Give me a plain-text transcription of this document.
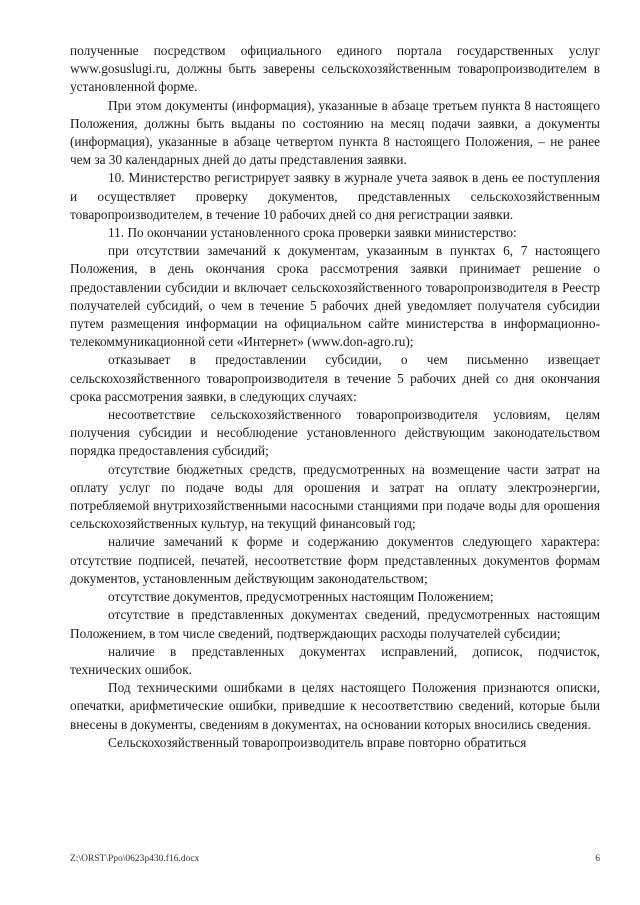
полученные посредством официального единого портала государственных услуг www.gosuslugi.ru, должны быть заверены сельскохозяйственным товаропроизводителем в установленной форме.

При этом документы (информация), указанные в абзаце третьем пункта 8 настоящего Положения, должны быть выданы по состоянию на месяц подачи заявки, а документы (информация), указанные в абзаце четвертом пункта 8 настоящего Положения, – не ранее чем за 30 календарных дней до даты представления заявки.

10. Министерство регистрирует заявку в журнале учета заявок в день ее поступления и осуществляет проверку документов, представленных сельскохозяйственным товаропроизводителем, в течение 10 рабочих дней со дня регистрации заявки.

11. По окончании установленного срока проверки заявки министерство:

при отсутствии замечаний к документам, указанным в пунктах 6, 7 настоящего Положения, в день окончания срока рассмотрения заявки принимает решение о предоставлении субсидии и включает сельскохозяйственного товаропроизводителя в Реестр получателей субсидий, о чем в течение 5 рабочих дней уведомляет получателя субсидии путем размещения информации на официальном сайте министерства в информационно-телекоммуникационной сети «Интернет» (www.don-agro.ru);

отказывает в предоставлении субсидии, о чем письменно извещает сельскохозяйственного товаропроизводителя в течение 5 рабочих дней со дня окончания срока рассмотрения заявки, в следующих случаях:

несоответствие сельскохозяйственного товаропроизводителя условиям, целям получения субсидии и несоблюдение установленного действующим законодательством порядка предоставления субсидий;

отсутствие бюджетных средств, предусмотренных на возмещение части затрат на оплату услуг по подаче воды для орошения и затрат на оплату электроэнергии, потребляемой внутрихозяйственными насосными станциями при подаче воды для орошения сельскохозяйственных культур, на текущий финансовый год;

наличие замечаний к форме и содержанию документов следующего характера: отсутствие подписей, печатей, несоответствие форм представленных документов формам документов, установленным действующим законодательством;

отсутствие документов, предусмотренных настоящим Положением;

отсутствие в представленных документах сведений, предусмотренных настоящим Положением, в том числе сведений, подтверждающих расходы получателей субсидии;

наличие в представленных документах исправлений, дописок, подчисток, технических ошибок.

Под техническими ошибками в целях настоящего Положения признаются описки, опечатки, арифметические ошибки, приведшие к несоответствию сведений, которые были внесены в документы, сведениям в документах, на основании которых вносились сведения.

Сельскохозяйственный товаропроизводитель вправе повторно обратиться

Z:\ORST\Ppo\0623p430.f16.docx	6
